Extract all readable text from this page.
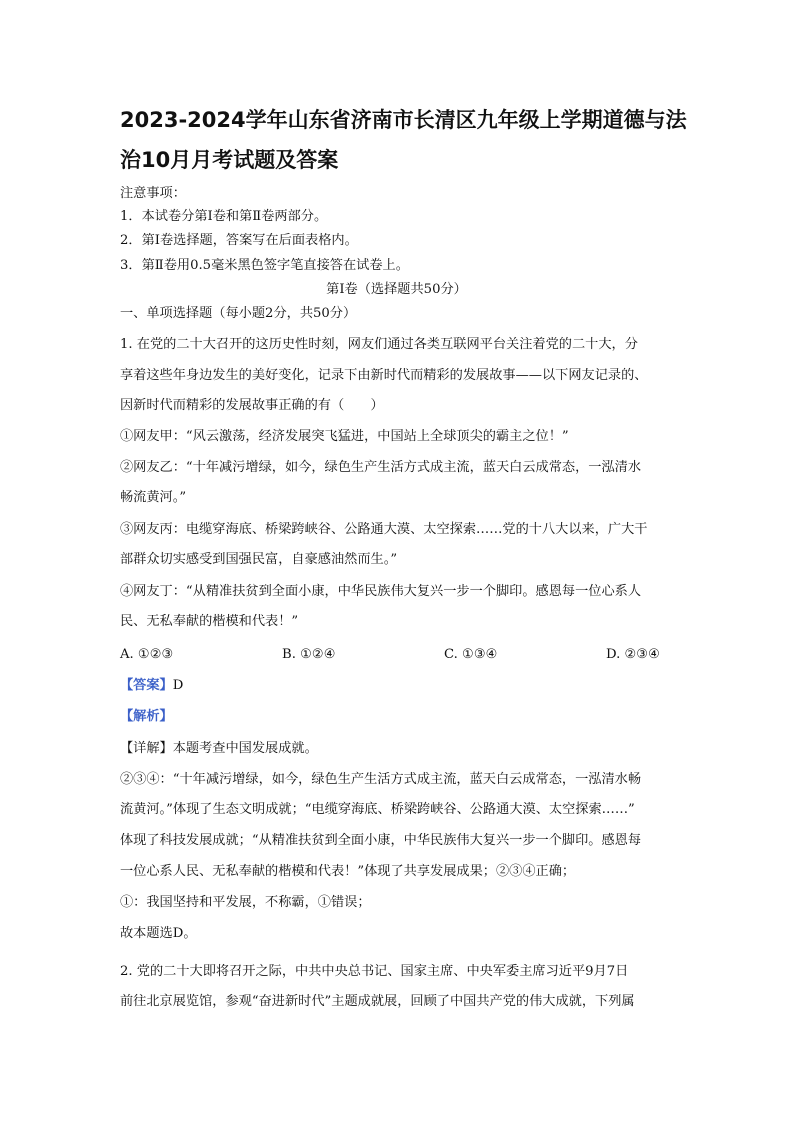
2023-2024学年山东省济南市长清区九年级上学期道德与法
治10月月考试题及答案

注意事项：

1．本试卷分第Ⅰ卷和第Ⅱ卷两部分。

2．第Ⅰ卷选择题，答案写在后面表格内。

3．第Ⅱ卷用0.5毫米黑色签字笔直接答在试卷上。

第Ⅰ卷（选择题共50分）

一、单项选择题（每小题2分，共50分）

1. 在党的二十大召开的这历史性时刻，网友们通过各类互联网平台关注着党的二十大，分

享着这些年身边发生的美好变化，记录下由新时代而精彩的发展故事——以下网友记录的、

因新时代而精彩的发展故事正确的有（　　）

①网友甲：“风云激荡，经济发展突飞猛进，中国站上全球顶尖的霸主之位！”

②网友乙：“十年减污增绿，如今，绿色生产生活方式成主流，蓝天白云成常态，一泓清水

畅流黄河。”

③网友丙：电缆穿海底、桥梁跨峡谷、公路通大漠、太空探索……党的十八大以来，广大干

部群众切实感受到国强民富，自豪感油然而生。”

④网友丁：“从精准扶贫到全面小康，中华民族伟大复兴一步一个脚印。感恩每一位心系人

民、无私奉献的楷模和代表！”

A. ①②③	B. ①②④	C. ①③④	D. ②③④

【答案】D

【解析】

【详解】本题考查中国发展成就。

②③④：“十年减污增绿，如今，绿色生产生活方式成主流，蓝天白云成常态，一泓清水畅

流黄河。”体现了生态文明成就；“电缆穿海底、桥梁跨峡谷、公路通大漠、太空探索……”

体现了科技发展成就；“从精准扶贫到全面小康，中华民族伟大复兴一步一个脚印。感恩每

一位心系人民、无私奉献的楷模和代表！”体现了共享发展成果；②③④正确；

①：我国坚持和平发展，不称霸，①错误；

故本题选D。

2. 党的二十大即将召开之际，中共中央总书记、国家主席、中央军委主席习近平9月7日

前往北京展览馆，参观“奋进新时代”主题成就展，回顾了中国共产党的伟大成就，下列属
